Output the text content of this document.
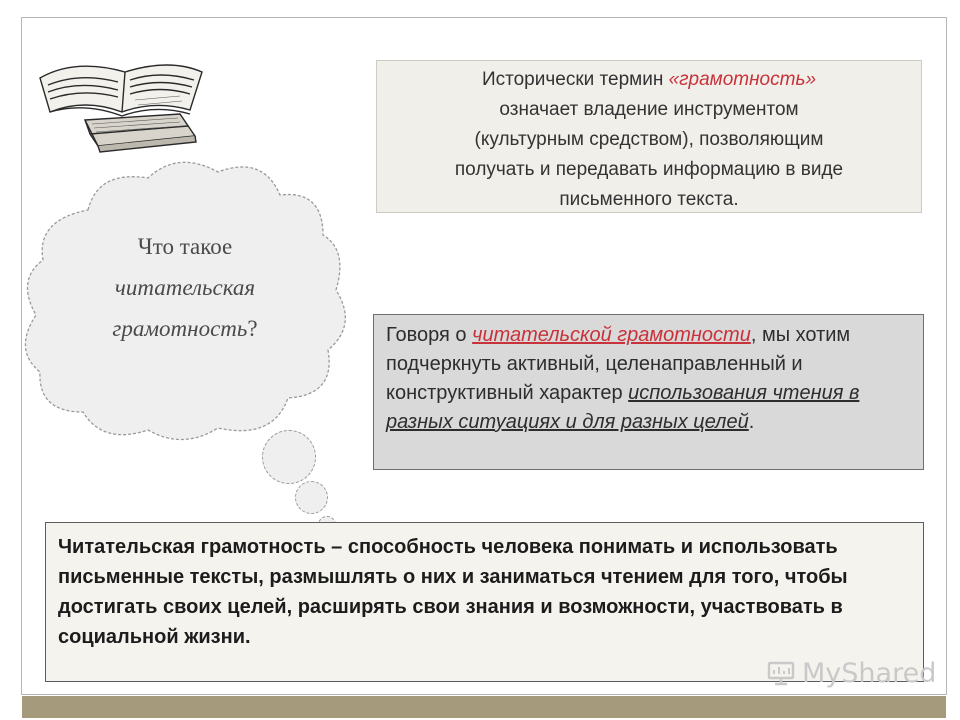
Что такое
читательская
грамотность?
Исторически термин «грамотность»
означает владение инструментом
(культурным средством), позволяющим
получать и передавать информацию в виде
письменного текста.
Говоря о читательской грамотности, мы хотим подчеркнуть активный, целенаправленный и конструктивный характер использования чтения в разных ситуациях и для разных целей.
Читательская грамотность – способность человека понимать и использовать письменные тексты, размышлять о них и заниматься чтением для того, чтобы достигать своих целей, расширять свои знания и возможности, участвовать в социальной жизни.
MyShared
